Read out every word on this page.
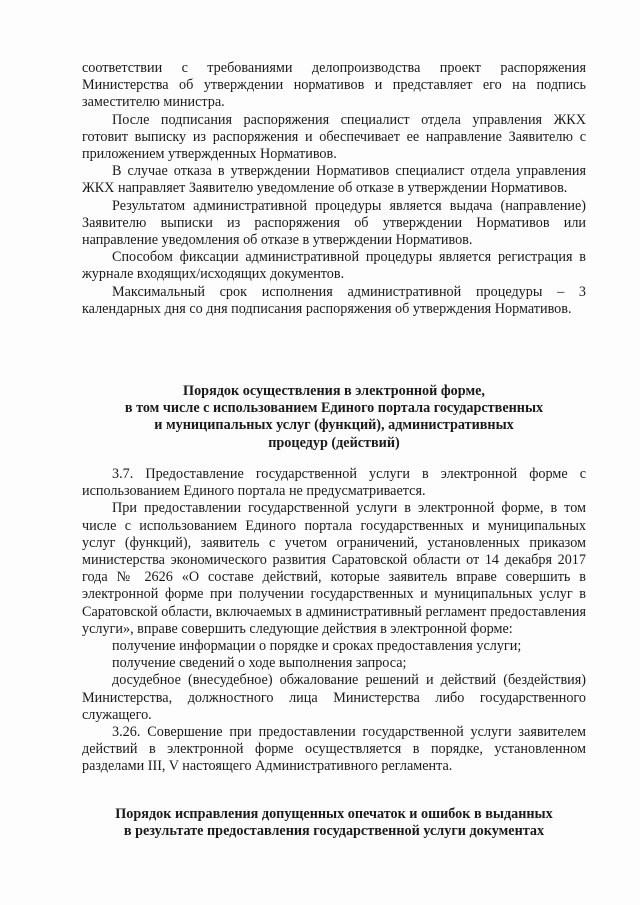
соответствии с требованиями делопроизводства проект распоряжения Министерства об утверждении нормативов и представляет его на подпись заместителю министра.

После подписания распоряжения специалист отдела управления ЖКХ готовит выписку из распоряжения и обеспечивает ее направление Заявителю с приложением утвержденных Нормативов.

В случае отказа в утверждении Нормативов специалист отдела управления ЖКХ направляет Заявителю уведомление об отказе в утверждении Нормативов.

Результатом административной процедуры является выдача (направление) Заявителю выписки из распоряжения об утверждении Нормативов или направление уведомления об отказе в утверждении Нормативов.

Способом фиксации административной процедуры является регистрация в журнале входящих/исходящих документов.

Максимальный срок исполнения административной процедуры – 3 календарных дня со дня подписания распоряжения об утверждения Нормативов.

Порядок осуществления в электронной форме,

в том числе с использованием Единого портала государственных

и муниципальных услуг (функций), административных

процедур (действий)

3.7. Предоставление государственной услуги в электронной форме с использованием Единого портала не предусматривается.

При предоставлении государственной услуги в электронной форме, в том числе с использованием Единого портала государственных и муниципальных услуг (функций), заявитель с учетом ограничений, установленных приказом министерства экономического развития Саратовской области от 14 декабря 2017 года № 2626 «О составе действий, которые заявитель вправе совершить в электронной форме при получении государственных и муниципальных услуг в Саратовской области, включаемых в административный регламент предоставления услуги», вправе совершить следующие действия в электронной форме:

получение информации о порядке и сроках предоставления услуги;

получение сведений о ходе выполнения запроса;

досудебное (внесудебное) обжалование решений и действий (бездействия) Министерства, должностного лица Министерства либо государственного служащего.

3.26. Совершение при предоставлении государственной услуги заявителем действий в электронной форме осуществляется в порядке, установленном разделами III, V настоящего Административного регламента.

Порядок исправления допущенных опечаток и ошибок в выданных

в результате предоставления государственной услуги документах
